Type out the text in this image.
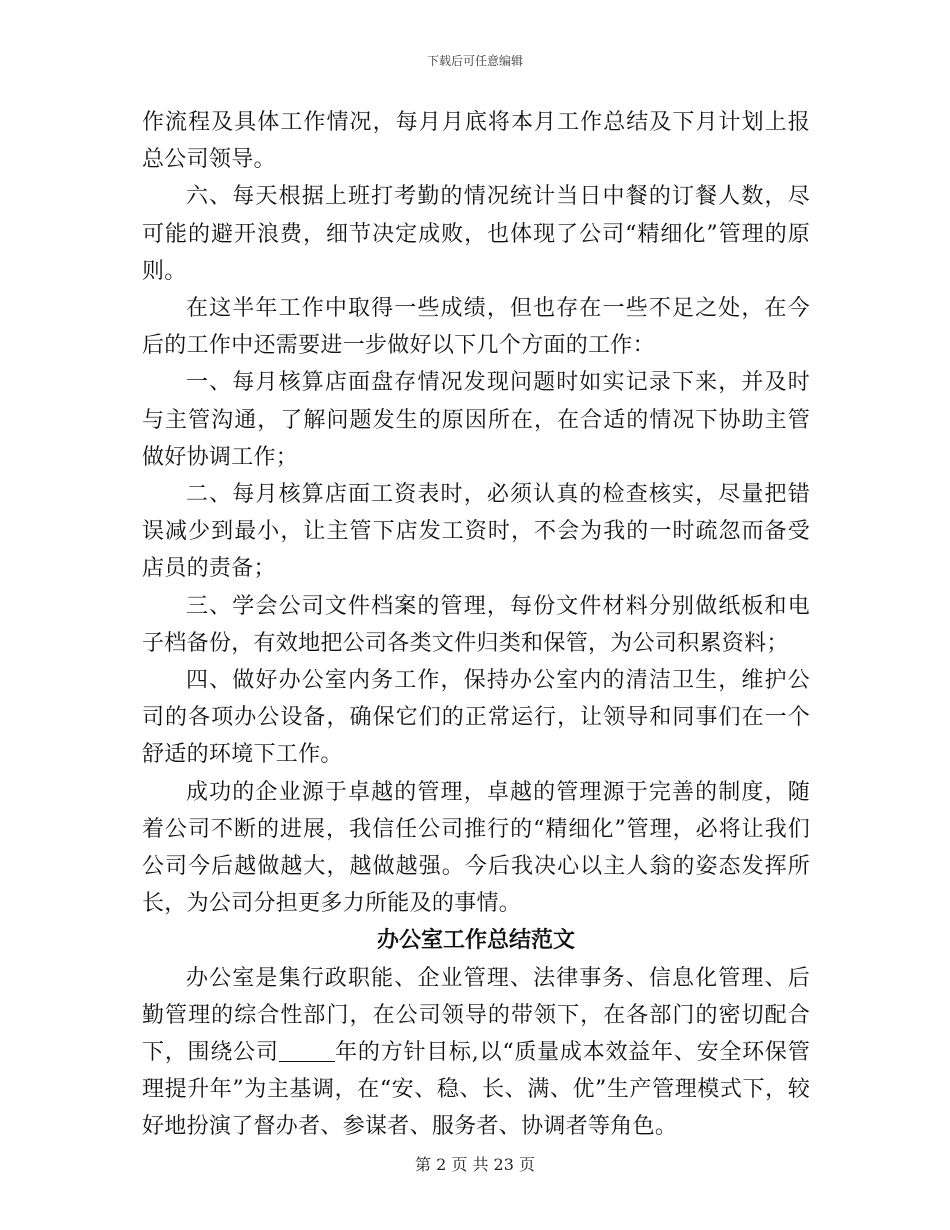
下载后可任意编辑

作流程及具体工作情况，每月月底将本月工作总结及下月计划上报总公司领导。

六、每天根据上班打考勤的情况统计当日中餐的订餐人数，尽可能的避开浪费，细节决定成败，也体现了公司“精细化”管理的原则。

在这半年工作中取得一些成绩，但也存在一些不足之处，在今后的工作中还需要进一步做好以下几个方面的工作：

一、每月核算店面盘存情况发现问题时如实记录下来，并及时与主管沟通，了解问题发生的原因所在，在合适的情况下协助主管做好协调工作；

二、每月核算店面工资表时，必须认真的检查核实，尽量把错误减少到最小，让主管下店发工资时，不会为我的一时疏忽而备受店员的责备；

三、学会公司文件档案的管理，每份文件材料分别做纸板和电子档备份，有效地把公司各类文件归类和保管，为公司积累资料；

四、做好办公室内务工作，保持办公室内的清洁卫生，维护公司的各项办公设备，确保它们的正常运行，让领导和同事们在一个舒适的环境下工作。

成功的企业源于卓越的管理，卓越的管理源于完善的制度，随着公司不断的进展，我信任公司推行的“精细化”管理，必将让我们公司今后越做越大，越做越强。今后我决心以主人翁的姿态发挥所长，为公司分担更多力所能及的事情。

办公室工作总结范文

办公室是集行政职能、企业管理、法律事务、信息化管理、后勤管理的综合性部门，在公司领导的带领下，在各部门的密切配合下，围绕公司	年的方针目标,以“质量成本效益年、安全环保管理提升年”为主基调，在“安、稳、长、满、优”生产管理模式下，较好地扮演了督办者、参谋者、服务者、协调者等角色。

第 2 页 共 23 页
